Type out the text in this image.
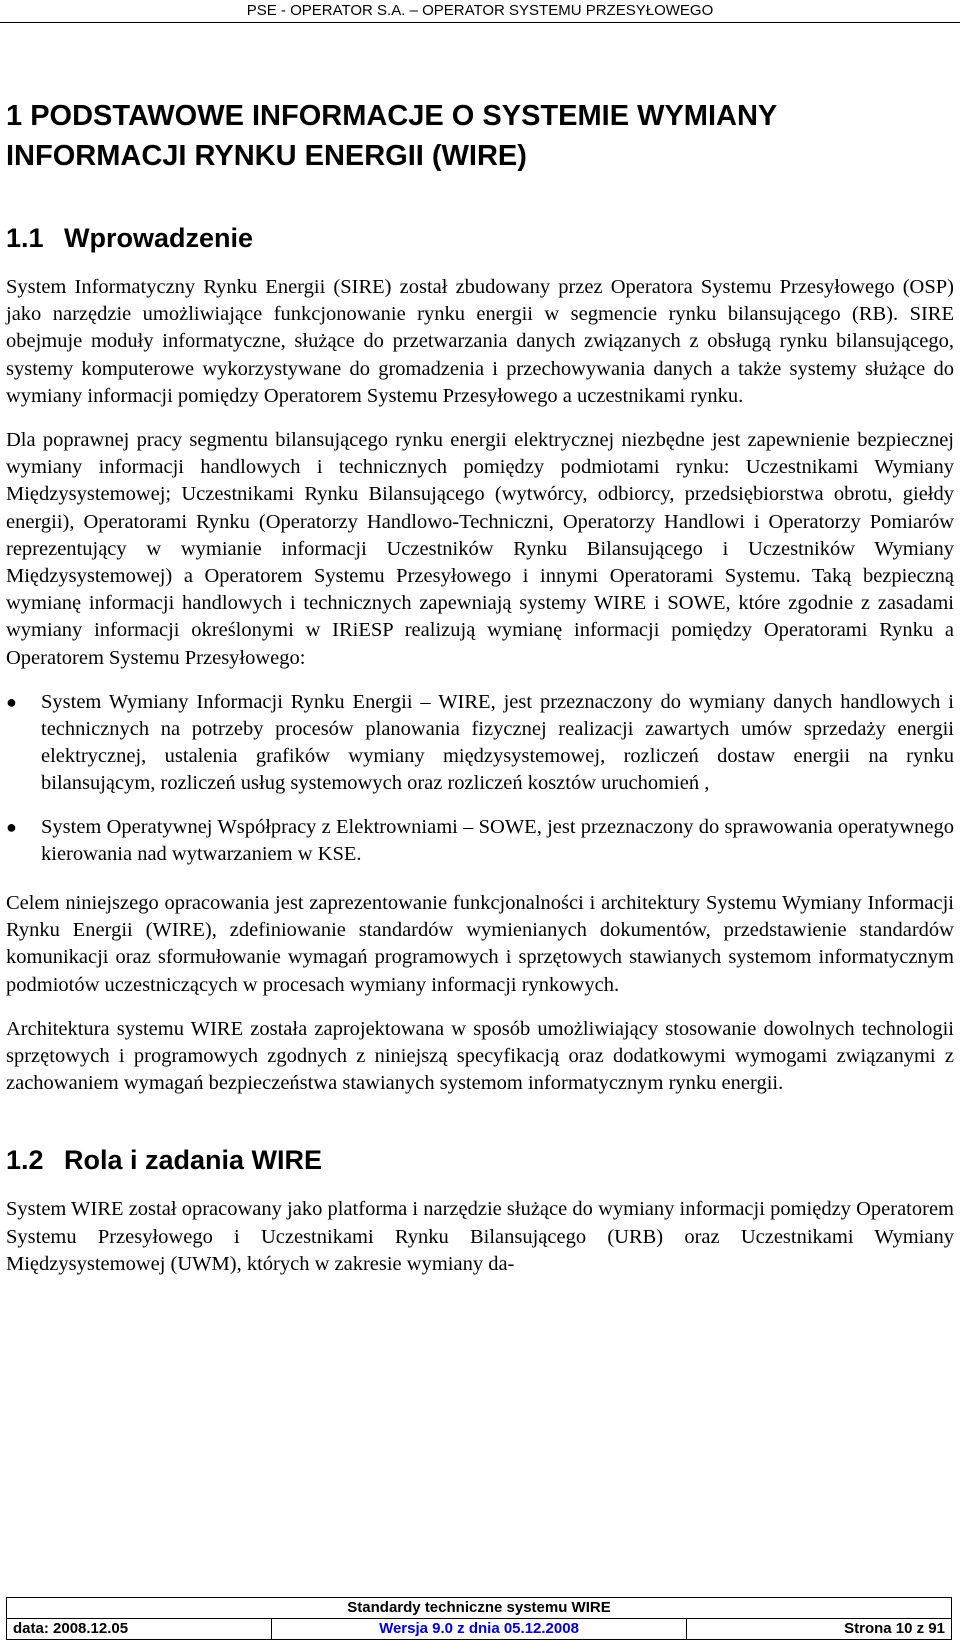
PSE - OPERATOR S.A. – OPERATOR SYSTEMU PRZESYŁOWEGO
1 PODSTAWOWE INFORMACJE O SYSTEMIE WYMIANY INFORMACJI RYNKU ENERGII (WIRE)
1.1 Wprowadzenie

System Informatyczny Rynku Energii (SIRE) został zbudowany przez Operatora Systemu Przesyłowego (OSP) jako narzędzie umożliwiające funkcjonowanie rynku energii w segmencie rynku bilansującego (RB). SIRE obejmuje moduły informatyczne, służące do przetwarzania danych związanych z obsługą rynku bilansującego, systemy komputerowe wykorzystywane do gromadzenia i przechowywania danych a także systemy służące do wymiany informacji pomiędzy Operatorem Systemu Przesyłowego a uczestnikami rynku.

Dla poprawnej pracy segmentu bilansującego rynku energii elektrycznej niezbędne jest zapewnienie bezpiecznej wymiany informacji handlowych i technicznych pomiędzy podmiotami rynku: Uczestnikami Wymiany Międzysystemowej; Uczestnikami Rynku Bilansującego (wytwórcy, odbiorcy, przedsiębiorstwa obrotu, giełdy energii), Operatorami Rynku (Operatorzy Handlowo-Techniczni, Operatorzy Handlowi i Operatorzy Pomiarów reprezentujący w wymianie informacji Uczestników Rynku Bilansującego i Uczestników Wymiany Międzysystemowej) a Operatorem Systemu Przesyłowego i innymi Operatorami Systemu. Taką bezpieczną wymianę informacji handlowych i technicznych zapewniają systemy WIRE i SOWE, które zgodnie z zasadami wymiany informacji określonymi w IRiESP realizują wymianę informacji pomiędzy Operatorami Rynku a Operatorem Systemu Przesyłowego:

● System Wymiany Informacji Rynku Energii – WIRE, jest przeznaczony do wymiany danych handlowych i technicznych na potrzeby procesów planowania fizycznej realizacji zawartych umów sprzedaży energii elektrycznej, ustalenia grafików wymiany międzysystemowej, rozliczeń dostaw energii na rynku bilansującym, rozliczeń usług systemowych oraz rozliczeń kosztów uruchomień ,
● System Operatywnej Współpracy z Elektrowniami – SOWE, jest przeznaczony do sprawowania operatywnego kierowania nad wytwarzaniem w KSE.

Celem niniejszego opracowania jest zaprezentowanie funkcjonalności i architektury Systemu Wymiany Informacji Rynku Energii (WIRE), zdefiniowanie standardów wymienianych dokumentów, przedstawienie standardów komunikacji oraz sformułowanie wymagań programowych i sprzętowych stawianych systemom informatycznym podmiotów uczestniczących w procesach wymiany informacji rynkowych.

Architektura systemu WIRE została zaprojektowana w sposób umożliwiający stosowanie dowolnych technologii sprzętowych i programowych zgodnych z niniejszą specyfikacją oraz dodatkowymi wymogami związanymi z zachowaniem wymagań bezpieczeństwa stawianych systemom informatycznym rynku energii.

1.2 Rola i zadania WIRE

System WIRE został opracowany jako platforma i narzędzie służące do wymiany informacji pomiędzy Operatorem Systemu Przesyłowego i Uczestnikami Rynku Bilansującego (URB) oraz Uczestnikami Wymiany Międzysystemowej (UWM), których w zakresie wymiany da-

Standardy techniczne systemu WIRE
data: 2008.12.05	Wersja 9.0 z dnia 05.12.2008	Strona 10 z 91
